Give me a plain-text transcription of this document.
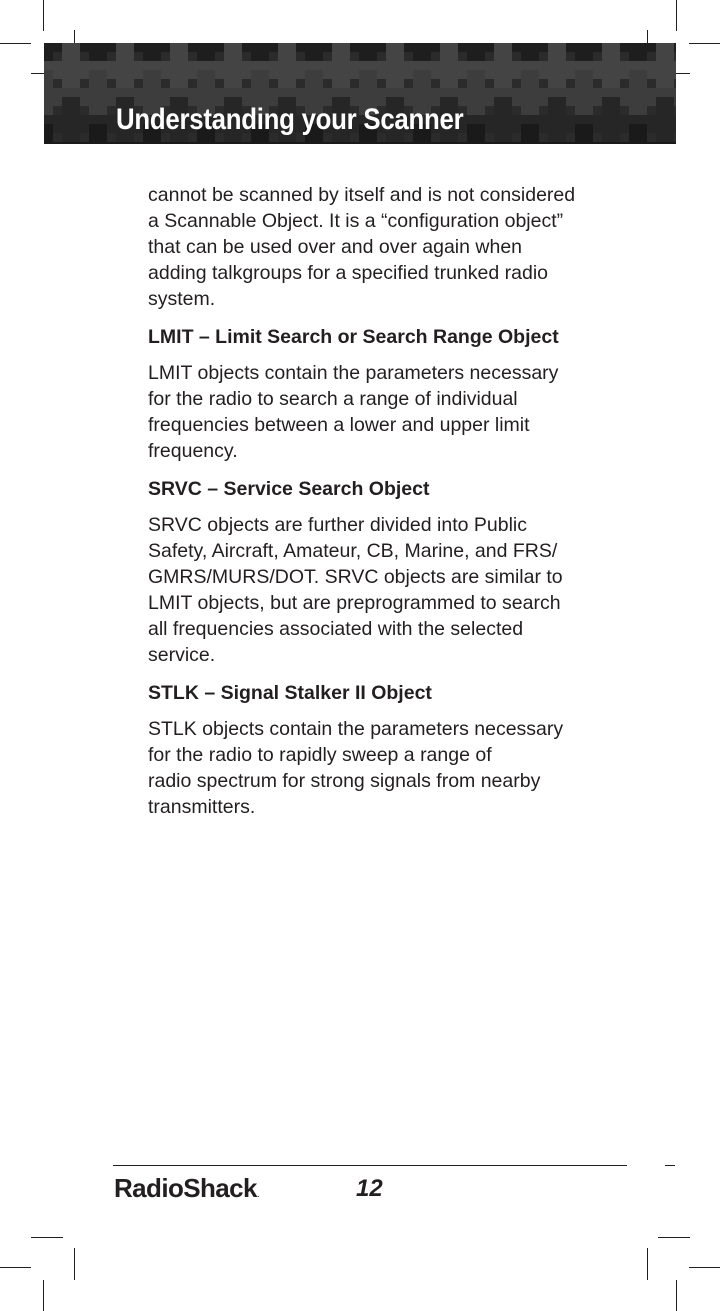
Understanding your Scanner

cannot be scanned by itself and is not considered
a Scannable Object. It is a “configuration object”
that can be used over and over again when
adding talkgroups for a specified trunked radio
system.

LMIT – Limit Search or Search Range Object

LMIT objects contain the parameters necessary
for the radio to search a range of individual
frequencies between a lower and upper limit
frequency.

SRVC – Service Search Object

SRVC objects are further divided into Public
Safety, Aircraft, Amateur, CB, Marine, and FRS/
GMRS/MURS/DOT. SRVC objects are similar to
LMIT objects, but are preprogrammed to search
all frequencies associated with the selected
service.

STLK – Signal Stalker II Object

STLK objects contain the parameters necessary
for the radio to rapidly sweep a range of
radio spectrum for strong signals from nearby
transmitters.

RadioShack.	12
